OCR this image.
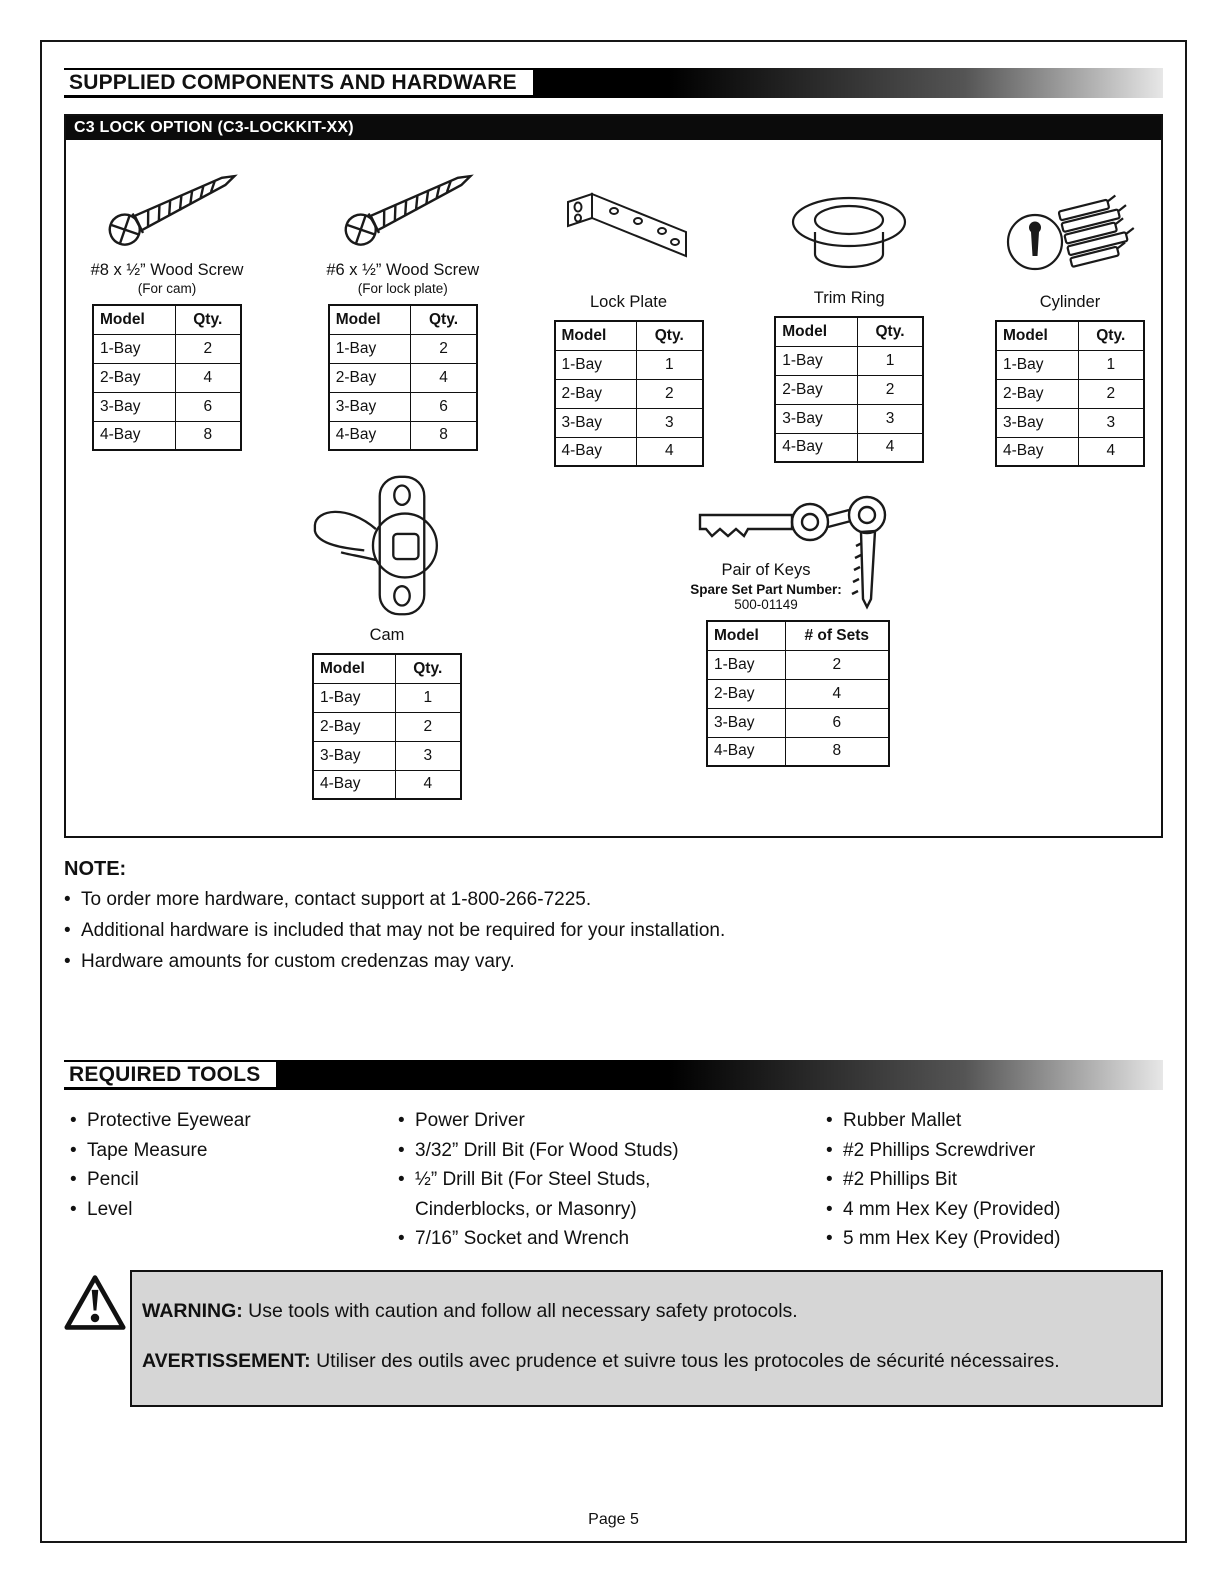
SUPPLIED COMPONENTS AND HARDWARE
C3 LOCK OPTION (C3-LOCKKIT-XX)
#8 x ½” Wood Screw
(For cam)
Model	Qty.
1-Bay	2
2-Bay	4
3-Bay	6
4-Bay	8
#6 x ½” Wood Screw
(For lock plate)
Model	Qty.
1-Bay	2
2-Bay	4
3-Bay	6
4-Bay	8
Lock Plate
Model	Qty.
1-Bay	1
2-Bay	2
3-Bay	3
4-Bay	4
Trim Ring
Model	Qty.
1-Bay	1
2-Bay	2
3-Bay	3
4-Bay	4
Cylinder
Model	Qty.
1-Bay	1
2-Bay	2
3-Bay	3
4-Bay	4
Cam
Model	Qty.
1-Bay	1
2-Bay	2
3-Bay	3
4-Bay	4
Pair of Keys
Spare Set Part Number:
500-01149
Model	# of Sets
1-Bay	2
2-Bay	4
3-Bay	6
4-Bay	8
NOTE:
• To order more hardware, contact support at 1-800-266-7225.
• Additional hardware is included that may not be required for your installation.
• Hardware amounts for custom credenzas may vary.
REQUIRED TOOLS
• Protective Eyewear
• Tape Measure
• Pencil
• Level
• Power Driver
• 3/32” Drill Bit (For Wood Studs)
• ½” Drill Bit (For Steel Studs,
Cinderblocks, or Masonry)
• 7/16” Socket and Wrench
• Rubber Mallet
• #2 Phillips Screwdriver
• #2 Phillips Bit
• 4 mm Hex Key (Provided)
• 5 mm Hex Key (Provided)

WARNING: Use tools with caution and follow all necessary safety protocols.

AVERTISSEMENT: Utiliser des outils avec prudence et suivre tous les protocoles de sécurité nécessaires.

Page 5
